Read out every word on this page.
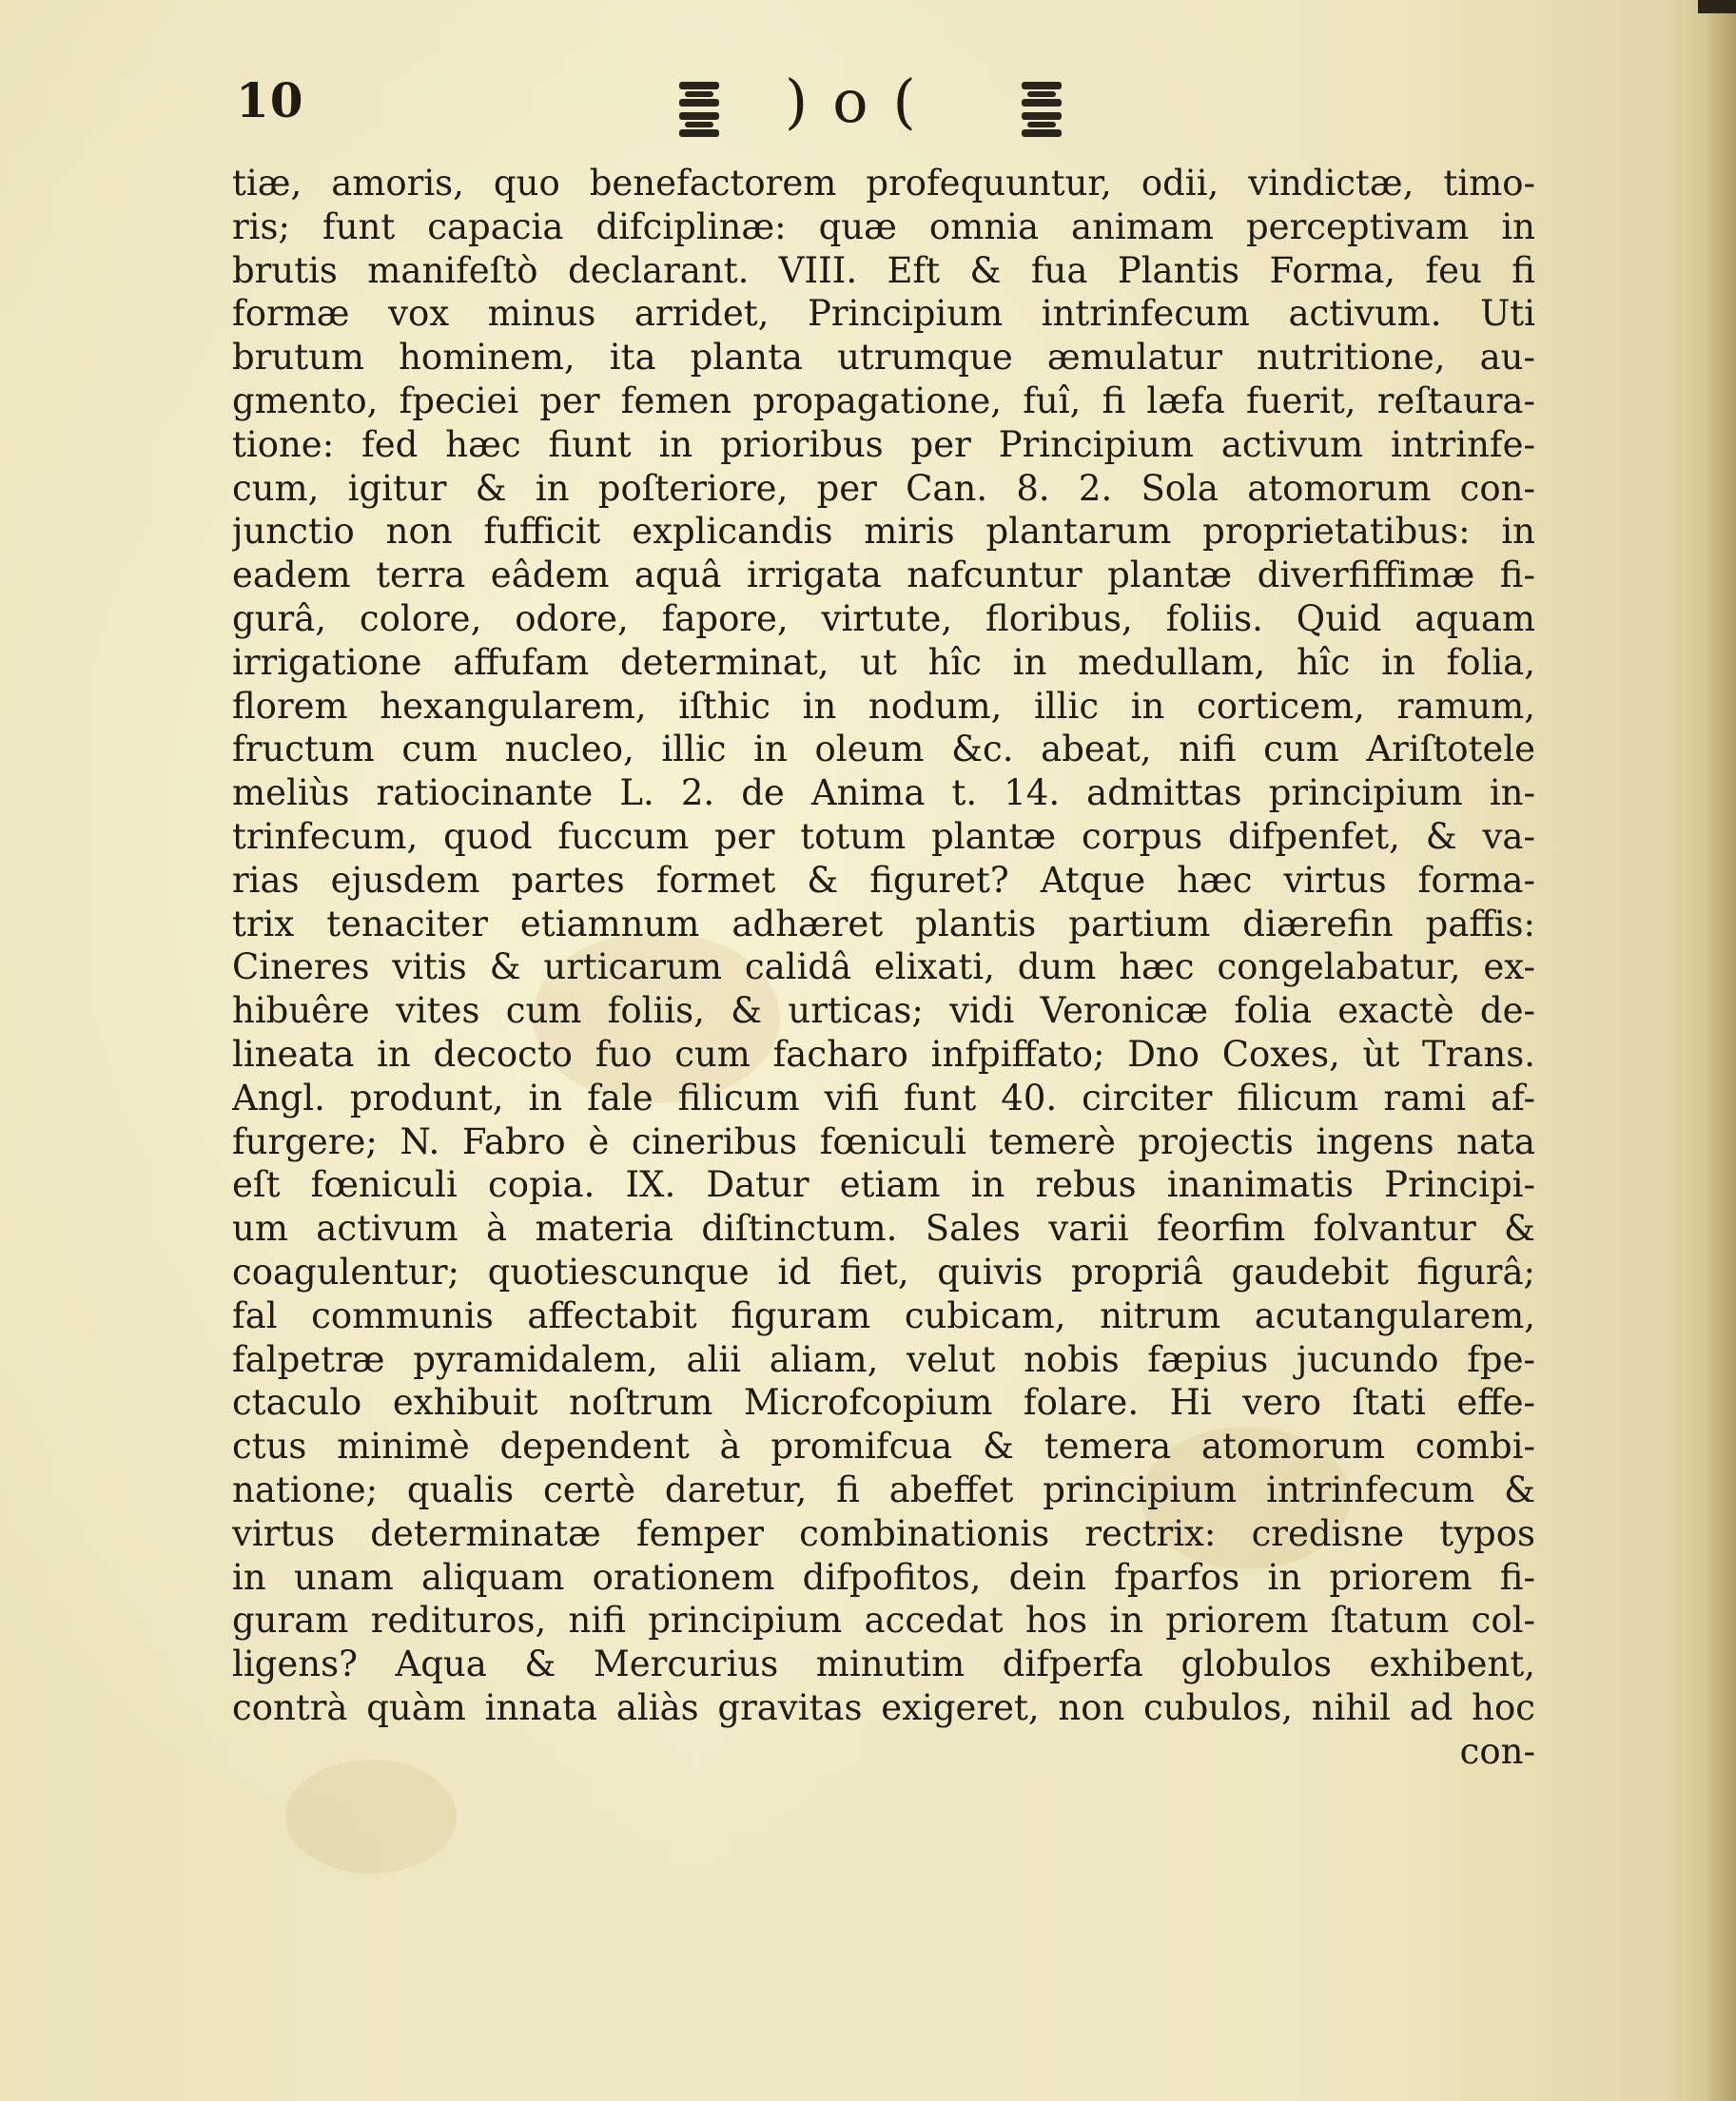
10	)o(
tiæ, amoris, quo benefactorem profequuntur, odii, vindictæ, timo-
ris; funt capacia difciplinæ: quæ omnia animam perceptivam in
brutis manifeſtò declarant. VIII. Eft & fua Plantis Forma, feu fi
formæ vox minus arridet, Principium intrinfecum activum. Uti
brutum hominem, ita planta utrumque æmulatur nutritione, au-
gmento, fpeciei per femen propagatione, fuî, fi læfa fuerit, reſtaura-
tione: fed hæc fiunt in prioribus per Principium activum intrinfe-
cum, igitur & in poſteriore, per Can. 8. 2. Sola atomorum con-
junctio non fufficit explicandis miris plantarum proprietatibus: in
eadem terra eâdem aquâ irrigata nafcuntur plantæ diverfiffimæ fi-
gurâ, colore, odore, fapore, virtute, floribus, foliis. Quid aquam
irrigatione affufam determinat, ut hîc in medullam, hîc in folia,
florem hexangularem, iſthic in nodum, illic in corticem, ramum,
fructum cum nucleo, illic in oleum &c. abeat, nifi cum Ariſtotele
meliùs ratiocinante L. 2. de Anima t. 14. admittas principium in-
trinfecum, quod fuccum per totum plantæ corpus difpenfet, & va-
rias ejusdem partes formet & figuret? Atque hæc virtus forma-
trix tenaciter etiamnum adhæret plantis partium diærefin paffis:
Cineres vitis & urticarum calidâ elixati, dum hæc congelabatur, ex-
hibuêre vites cum foliis, & urticas; vidi Veronicæ folia exactè de-
lineata in decocto fuo cum facharo infpiffato; Dno Coxes, ùt Trans.
Angl. produnt, in fale filicum vifi funt 40. circiter filicum rami af-
furgere; N. Fabro è cineribus fœniculi temerè projectis ingens nata
eſt fœniculi copia. IX. Datur etiam in rebus inanimatis Principi-
um activum à materia diſtinctum. Sales varii feorfim folvantur &
coagulentur; quotiescunque id fiet, quivis propriâ gaudebit figurâ;
fal communis affectabit figuram cubicam, nitrum acutangularem,
falpetræ pyramidalem, alii aliam, velut nobis fæpius jucundo fpe-
ctaculo exhibuit noſtrum Microfcopium folare. Hi vero ſtati effe-
ctus minimè dependent à promifcua & temera atomorum combi-
natione; qualis certè daretur, fi abeffet principium intrinfecum &
virtus determinatæ femper combinationis rectrix: credisne typos
in unam aliquam orationem difpofitos, dein fparfos in priorem fi-
guram redituros, nifi principium accedat hos in priorem ſtatum col-
ligens? Aqua & Mercurius minutim difperfa globulos exhibent,
contrà quàm innata aliàs gravitas exigeret, non cubulos, nihil ad hoc
con-
